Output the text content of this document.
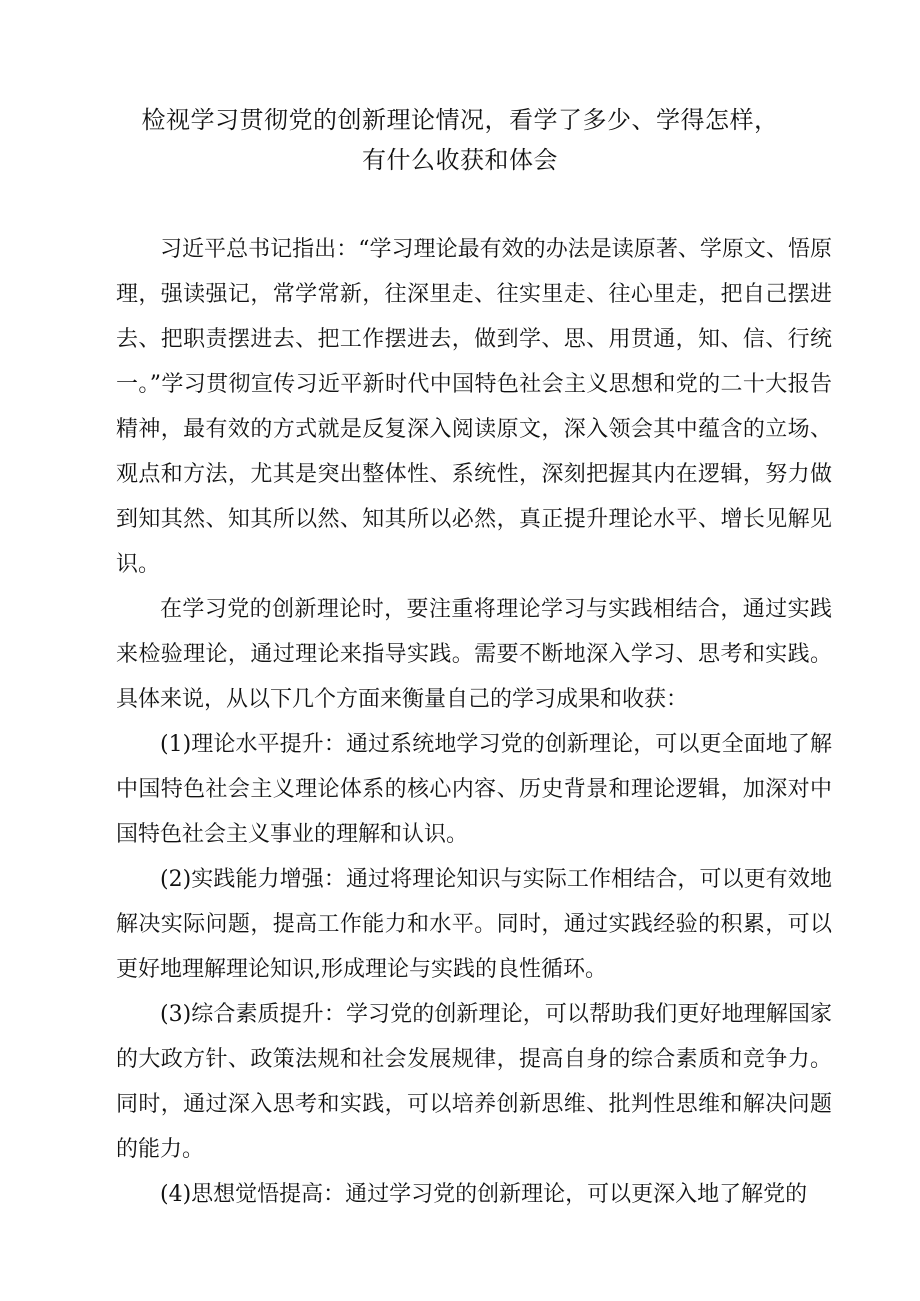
检视学习贯彻党的创新理论情况，看学了多少、学得怎样，
有什么收获和体会

习近平总书记指出：“学习理论最有效的办法是读原著、学原文、悟原理，强读强记，常学常新，往深里走、往实里走、往心里走，把自己摆进去、把职责摆进去、把工作摆进去，做到学、思、用贯通，知、信、行统一。”学习贯彻宣传习近平新时代中国特色社会主义思想和党的二十大报告精神，最有效的方式就是反复深入阅读原文，深入领会其中蕴含的立场、观点和方法，尤其是突出整体性、系统性，深刻把握其内在逻辑，努力做到知其然、知其所以然、知其所以必然，真正提升理论水平、增长见解见识。

在学习党的创新理论时，要注重将理论学习与实践相结合，通过实践来检验理论，通过理论来指导实践。需要不断地深入学习、思考和实践。具体来说，从以下几个方面来衡量自己的学习成果和收获：

(1)理论水平提升：通过系统地学习党的创新理论，可以更全面地了解中国特色社会主义理论体系的核心内容、历史背景和理论逻辑，加深对中国特色社会主义事业的理解和认识。

(2)实践能力增强：通过将理论知识与实际工作相结合，可以更有效地解决实际问题，提高工作能力和水平。同时，通过实践经验的积累，可以更好地理解理论知识,形成理论与实践的良性循环。

(3)综合素质提升：学习党的创新理论，可以帮助我们更好地理解国家的大政方针、政策法规和社会发展规律，提高自身的综合素质和竞争力。同时，通过深入思考和实践，可以培养创新思维、批判性思维和解决问题的能力。

(4)思想觉悟提高：通过学习党的创新理论，可以更深入地了解党的
